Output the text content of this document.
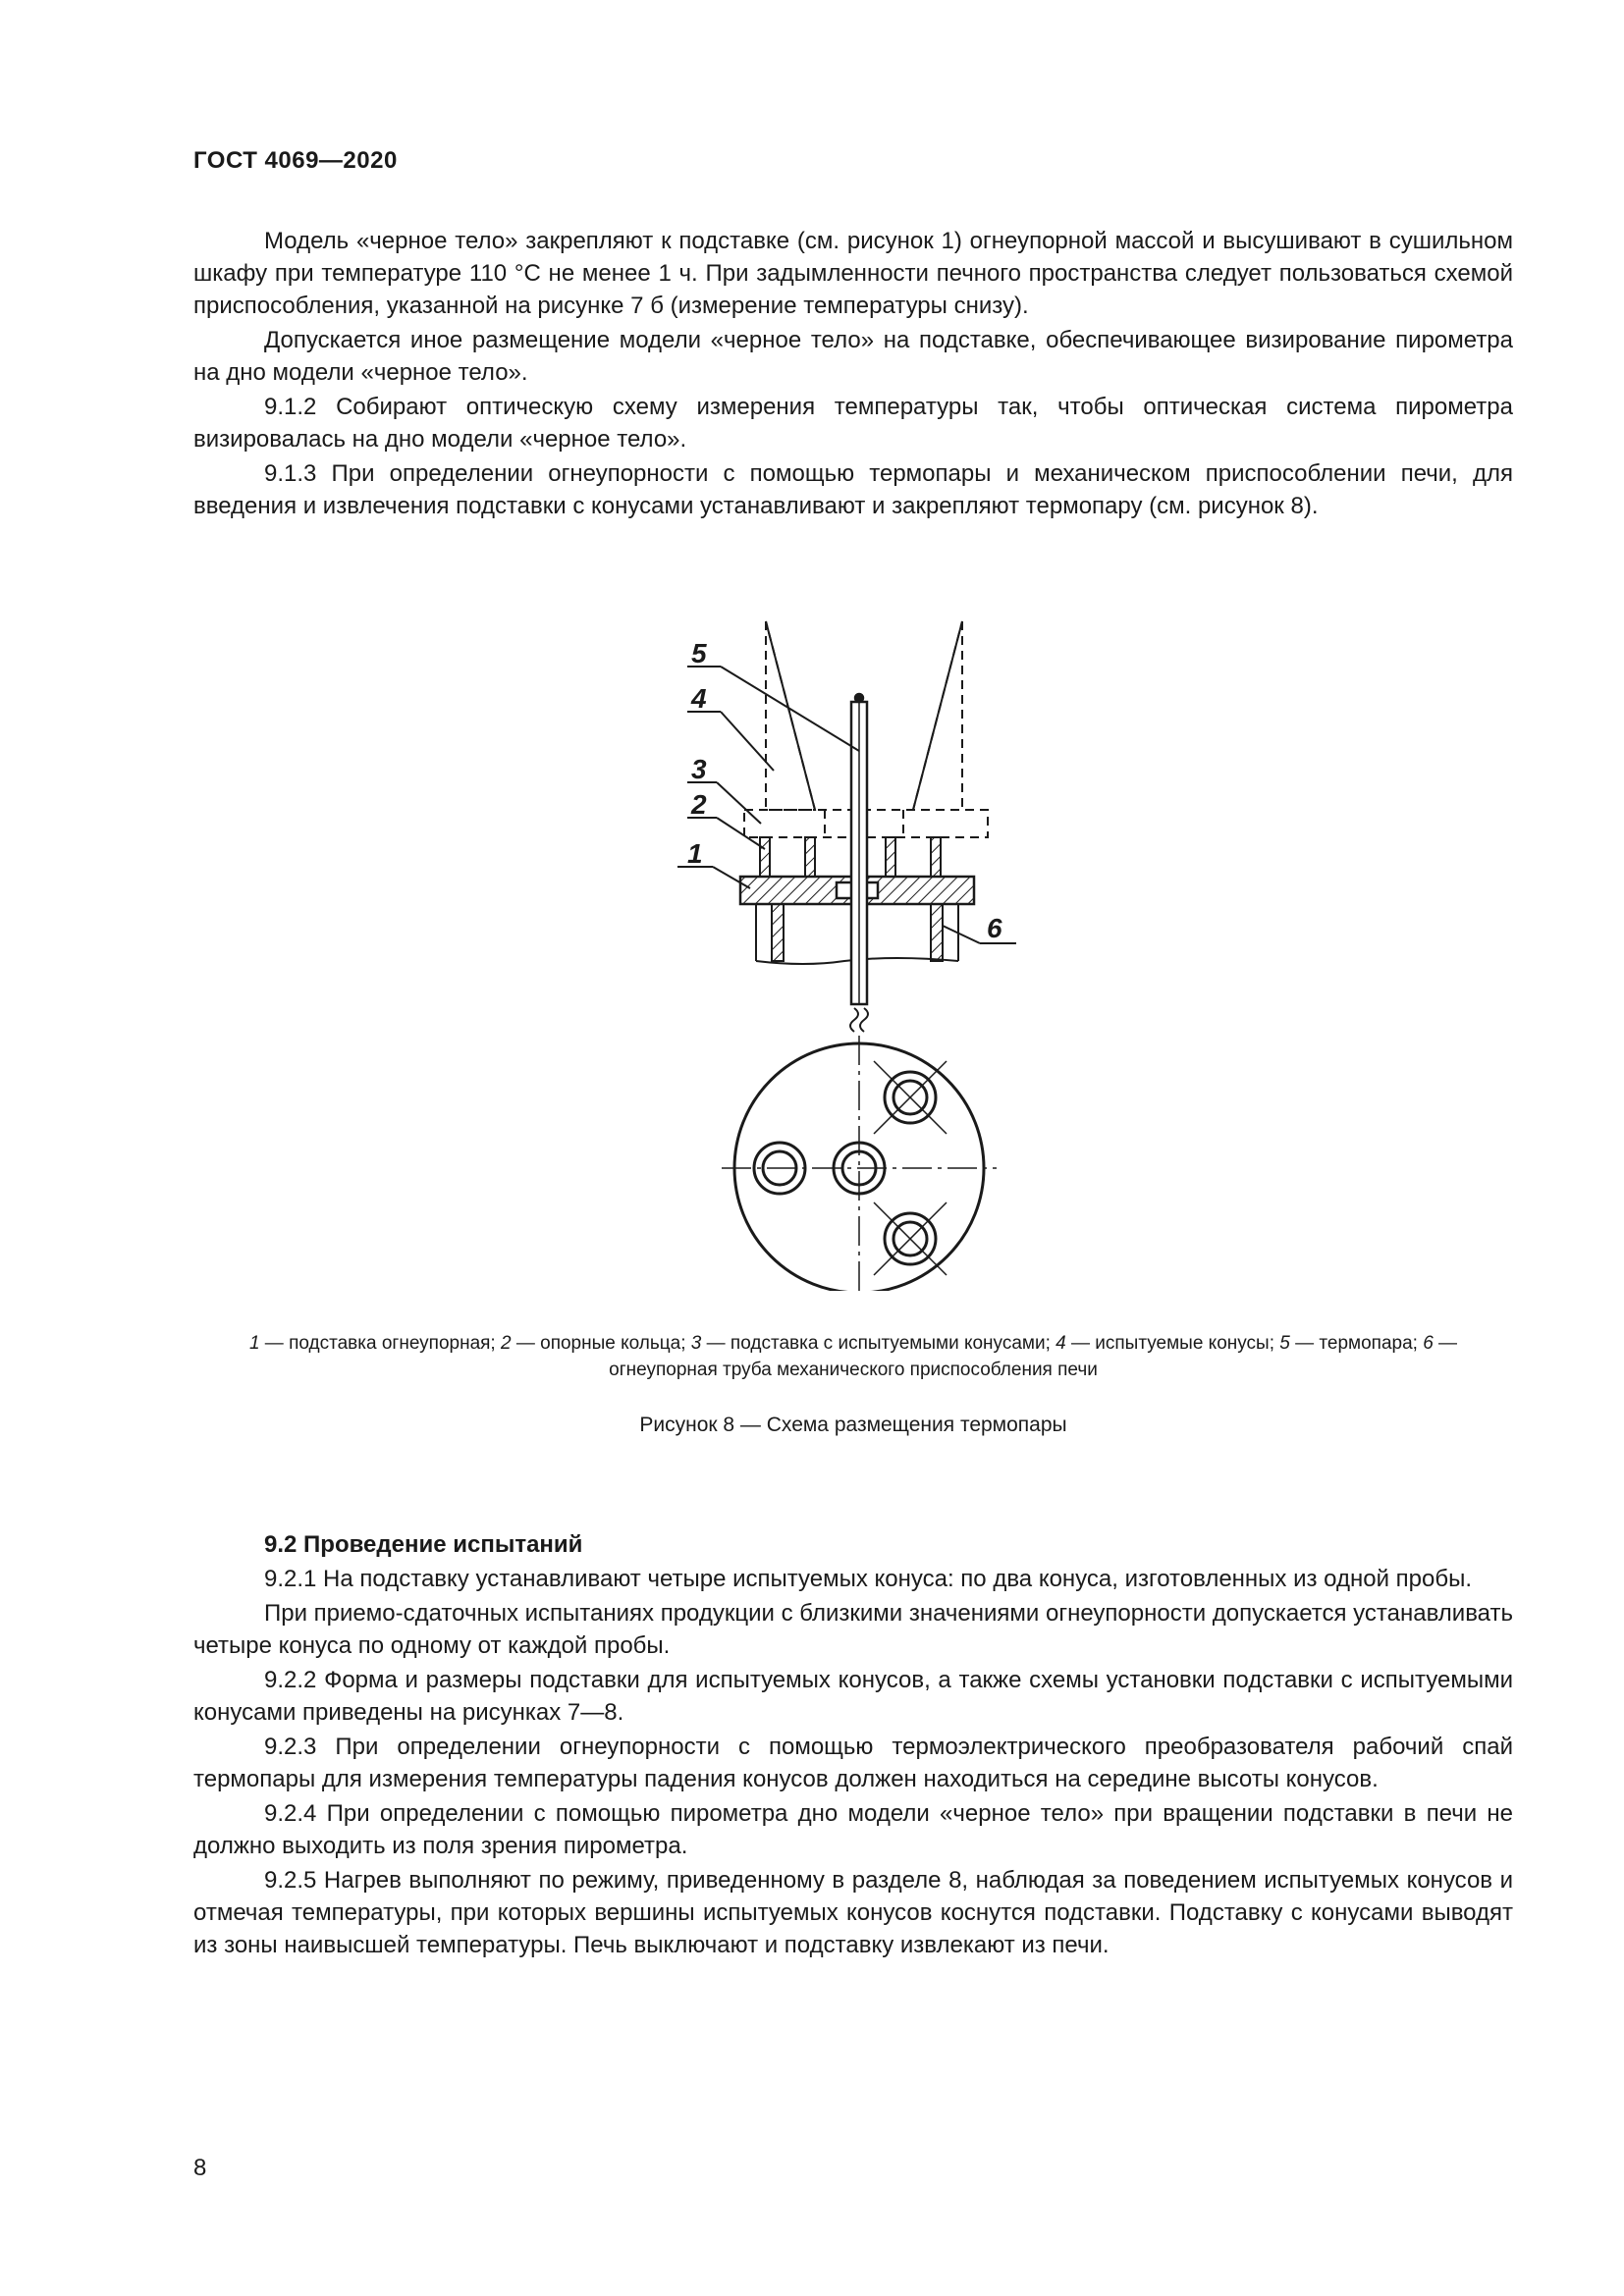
ГОСТ 4069—2020

Модель «черное тело» закрепляют к подставке (см. рисунок 1) огнеупорной массой и высушивают в сушильном шкафу при температуре 110 °С не менее 1 ч. При задымленности печного пространства следует пользоваться схемой приспособления, указанной на рисунке 7 б (измерение температуры снизу).

Допускается иное размещение модели «черное тело» на подставке, обеспечивающее визирование пирометра на дно модели «черное тело».

9.1.2 Собирают оптическую схему измерения температуры так, чтобы оптическая система пирометра визировалась на дно модели «черное тело».

9.1.3 При определении огнеупорности с помощью термопары и механическом приспособлении печи, для введения и извлечения подставки с конусами устанавливают и закрепляют термопару (см. рисунок 8).

5
4
3
2
1
6
1 — подставка огнеупорная; 2 — опорные кольца; 3 — подставка с испытуемыми конусами; 4 — испытуемые конусы; 5 — термопара; 6 — огнеупорная труба механического приспособления печи
Рисунок 8 — Схема размещения термопары

9.2 Проведение испытаний

9.2.1 На подставку устанавливают четыре испытуемых конуса: по два конуса, изготовленных из одной пробы.

При приемо-сдаточных испытаниях продукции с близкими значениями огнеупорности допускается устанавливать четыре конуса по одному от каждой пробы.

9.2.2 Форма и размеры подставки для испытуемых конусов, а также схемы установки подставки с испытуемыми конусами приведены на рисунках 7—8.

9.2.3 При определении огнеупорности с помощью термоэлектрического преобразователя рабочий спай термопары для измерения температуры падения конусов должен находиться на середине высоты конусов.

9.2.4 При определении с помощью пирометра дно модели «черное тело» при вращении подставки в печи не должно выходить из поля зрения пирометра.

9.2.5 Нагрев выполняют по режиму, приведенному в разделе 8, наблюдая за поведением испытуемых конусов и отмечая температуры, при которых вершины испытуемых конусов коснутся подставки. Подставку с конусами выводят из зоны наивысшей температуры. Печь выключают и подставку извлекают из печи.

8
